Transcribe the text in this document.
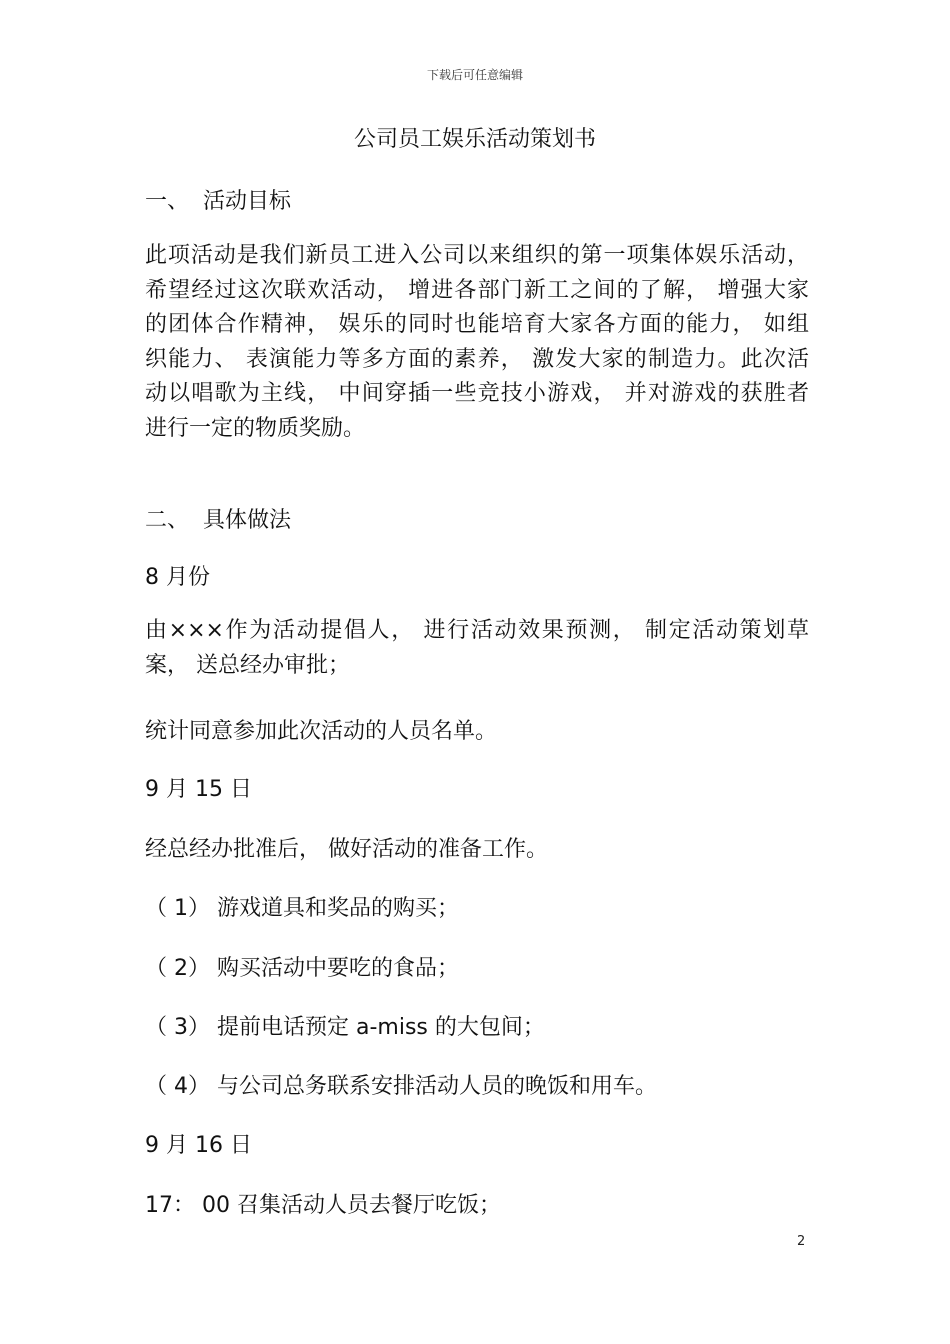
下载后可任意编辑
公司员工娱乐活动策划书
一、 活动目标
此项活动是我们新员工进入公司以来组织的第一项集体娱乐活动，
希望经过这次联欢活动， 增进各部门新工之间的了解， 增强大家
的团体合作精神， 娱乐的同时也能培育大家各方面的能力， 如组
织能力、 表演能力等多方面的素养， 激发大家的制造力。此次活
动以唱歌为主线， 中间穿插一些竞技小游戏， 并对游戏的获胜者
进行一定的物质奖励。
二、 具体做法
8 月份
由×××作为活动提倡人， 进行活动效果预测， 制定活动策划草
案， 送总经办审批；
统计同意参加此次活动的人员名单。
9 月 15 日
经总经办批准后， 做好活动的准备工作。
（ 1） 游戏道具和奖品的购买；
（ 2） 购买活动中要吃的食品；
（ 3） 提前电话预定 a-miss 的大包间；
（ 4） 与公司总务联系安排活动人员的晚饭和用车。
9 月 16 日
17： 00 召集活动人员去餐厅吃饭；
2
